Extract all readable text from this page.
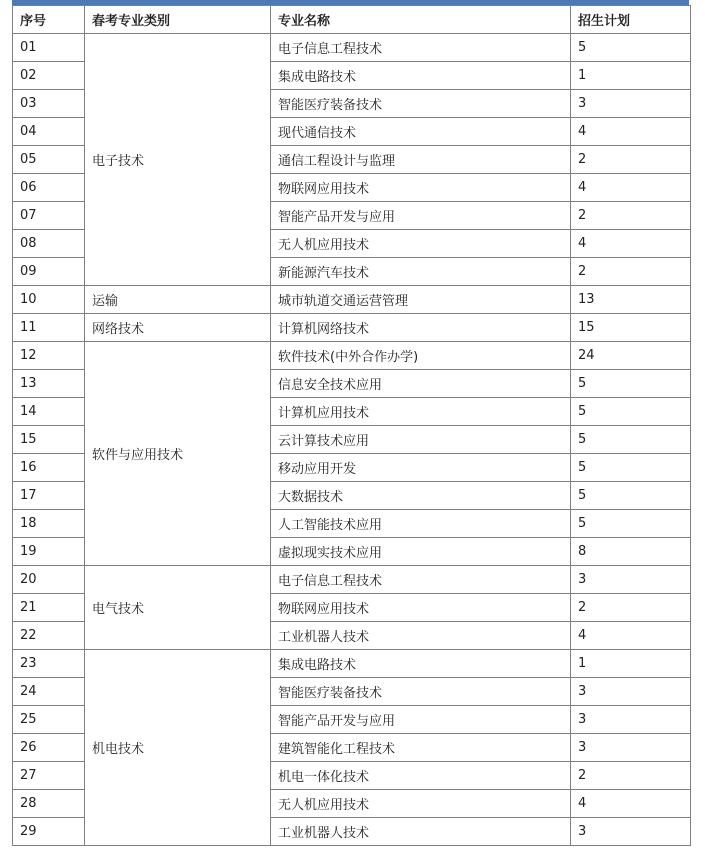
序号	春考专业类别	专业名称	招生计划
01	电子技术	电子信息工程技术	5
02		集成电路技术	1
03		智能医疗装备技术	3
04		现代通信技术	4
05		通信工程设计与监理	2
06		物联网应用技术	4
07		智能产品开发与应用	2
08		无人机应用技术	4
09		新能源汽车技术	2
10	运输	城市轨道交通运营管理	13
11	网络技术	计算机网络技术	15
12	软件与应用技术	软件技术(中外合作办学)	24
13		信息安全技术应用	5
14		计算机应用技术	5
15		云计算技术应用	5
16		移动应用开发	5
17		大数据技术	5
18		人工智能技术应用	5
19		虚拟现实技术应用	8
20	电气技术	电子信息工程技术	3
21		物联网应用技术	2
22		工业机器人技术	4
23	机电技术	集成电路技术	1
24		智能医疗装备技术	3
25		智能产品开发与应用	3
26		建筑智能化工程技术	3
27		机电一体化技术	2
28		无人机应用技术	4
29		工业机器人技术	3
